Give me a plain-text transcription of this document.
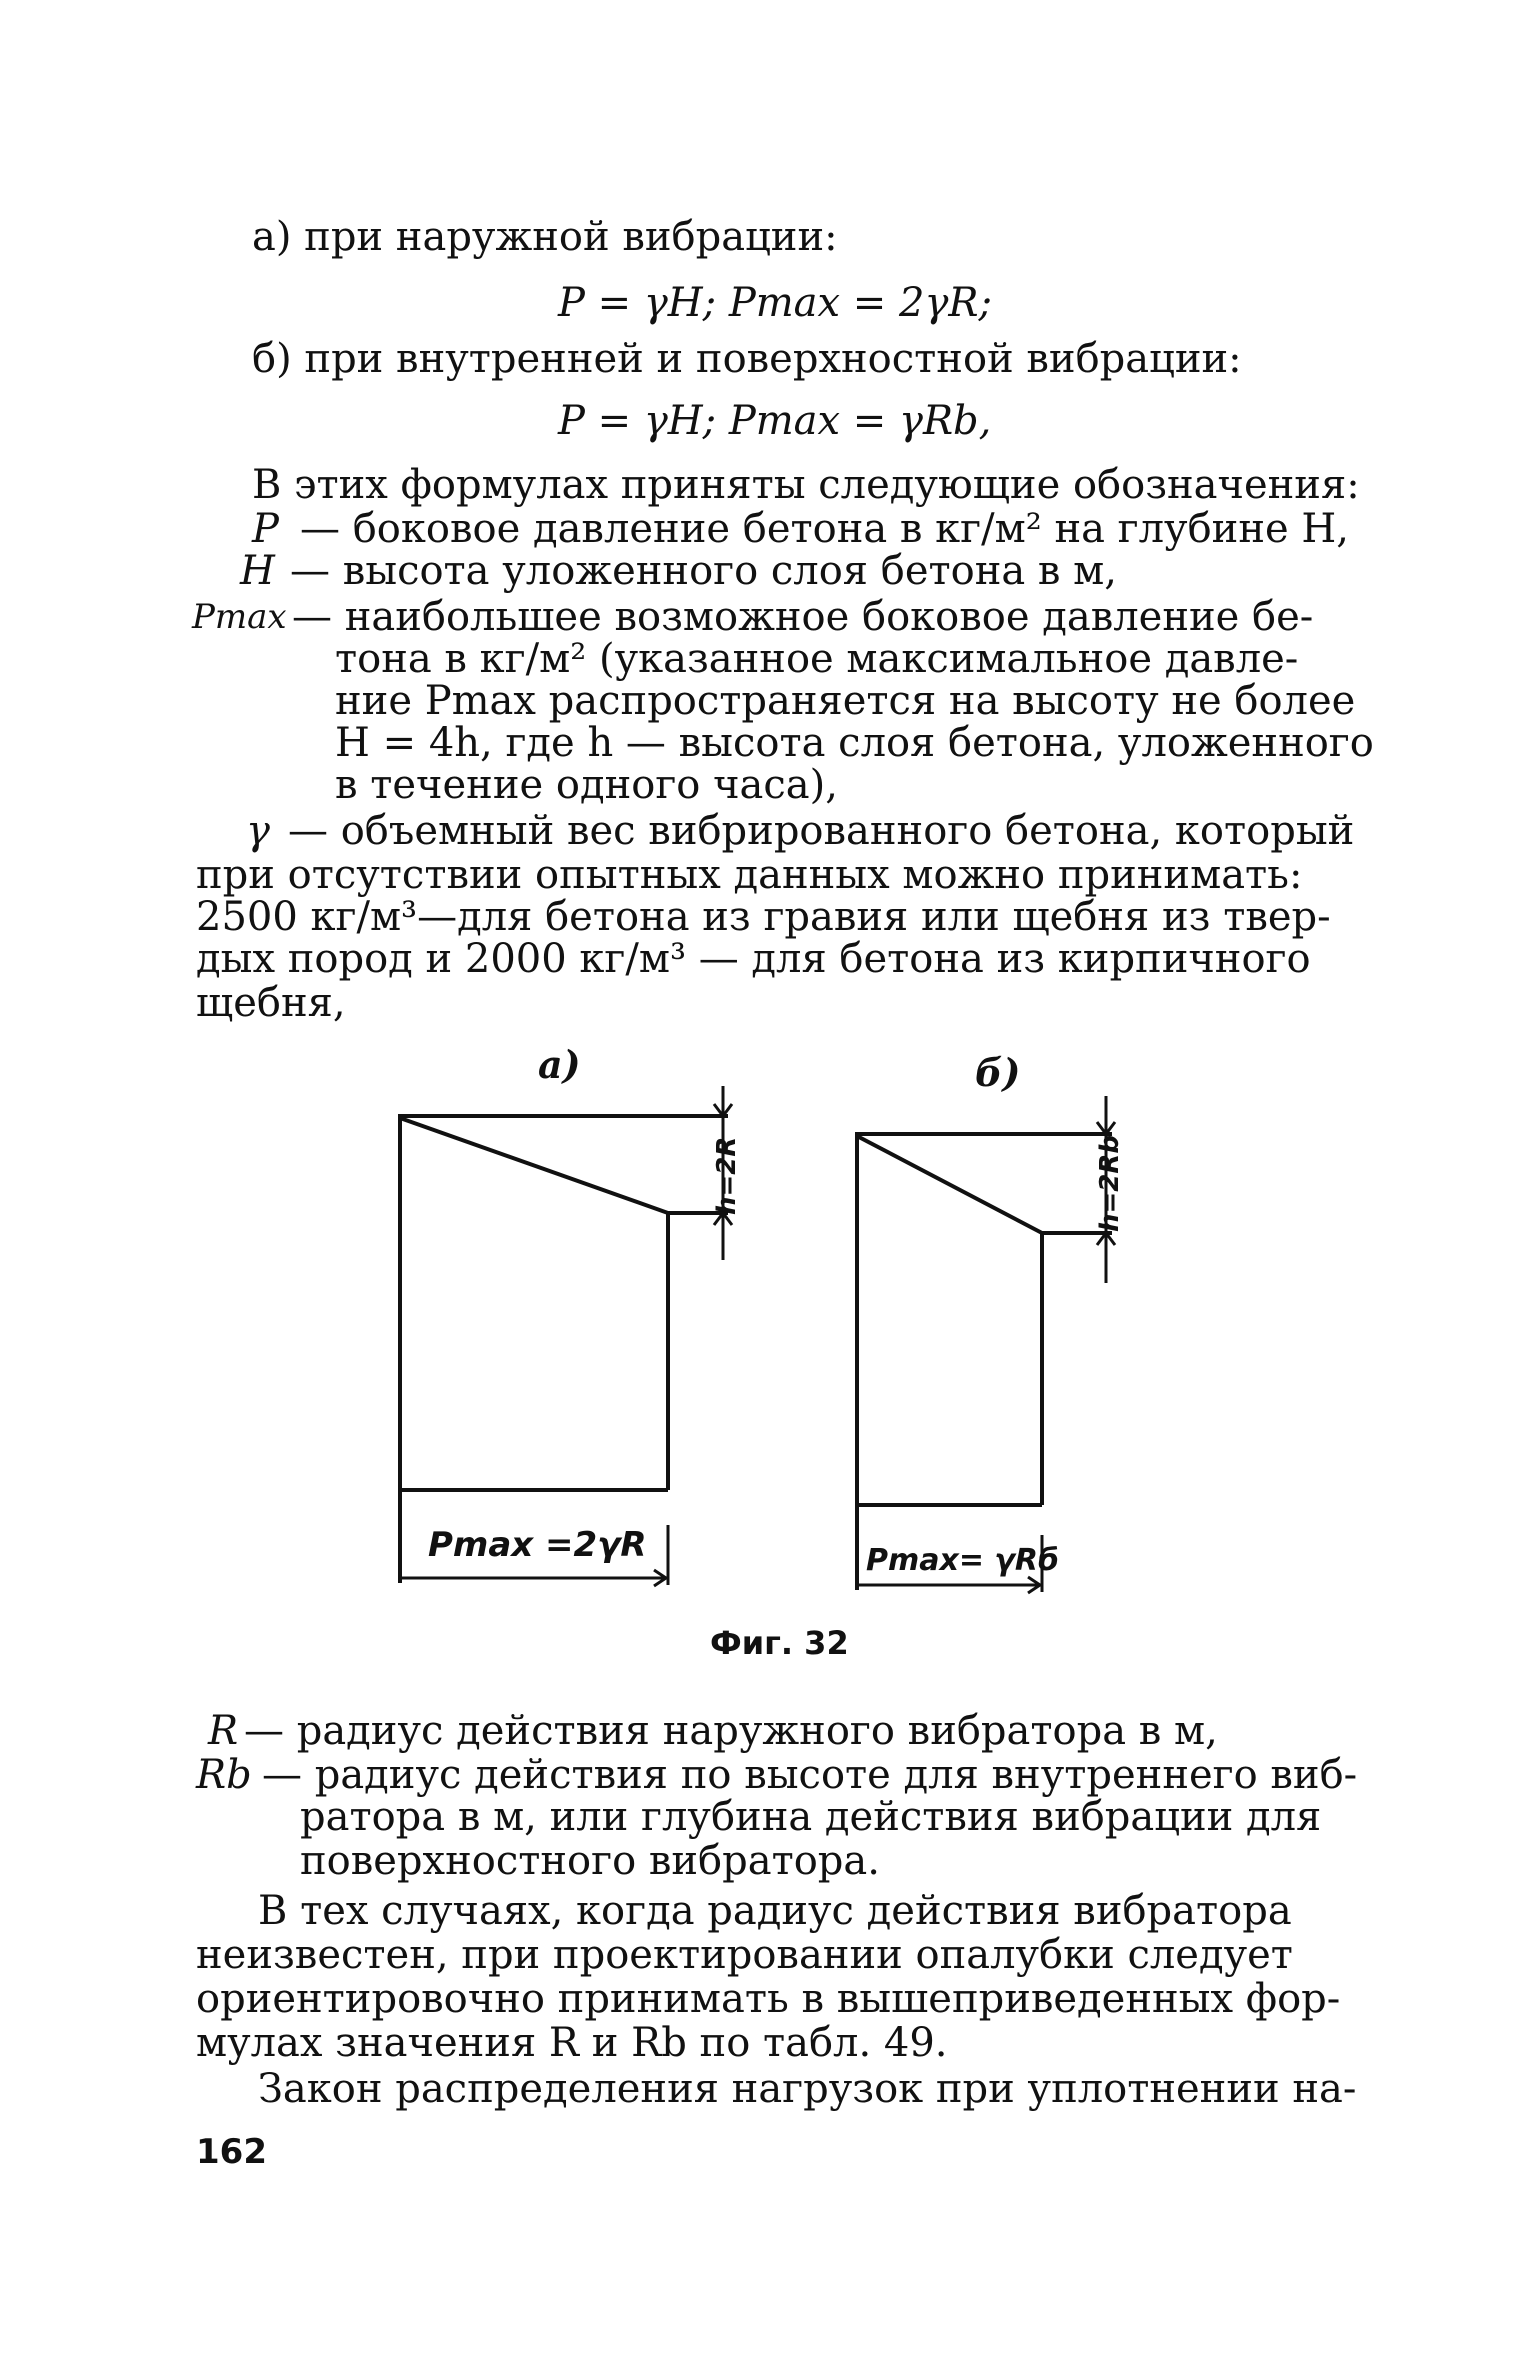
а) при наружной вибрации:
P = γH; Pmax = 2γR;
б) при внутренней и поверхностной вибрации:
P = γH; Pmax = γRb,
В этих формулах приняты следующие обозначения:
P — боковое давление бетона в кг/м² на глубине H,
H — высота уложенного слоя бетона в м,
Pmax — наибольшее возможное боковое давление бе-
тона в кг/м² (указанное максимальное давле-
ние Pmax распространяется на высоту не более
H = 4h, где h — высота слоя бетона, уложенного
в течение одного часа),
γ — объемный вес вибрированного бетона, который
при отсутствии опытных данных можно принимать:
2500 кг/м³—для бетона из гравия или щебня из твер-
дых пород и 2000 кг/м³ — для бетона из кирпичного
щебня,
а)	б)
h=2R	h=2Rb
Pmax =2γR	Pmax= γRб
Фиг. 32
R — радиус действия наружного вибратора в м,
Rb — радиус действия по высоте для внутреннего виб-
ратора в м, или глубина действия вибрации для
поверхностного вибратора.
В тех случаях, когда радиус действия вибратора
неизвестен, при проектировании опалубки следует
ориентировочно принимать в вышеприведенных фор-
мулах значения R и Rb по табл. 49.
Закон распределения нагрузок при уплотнении на-
162
